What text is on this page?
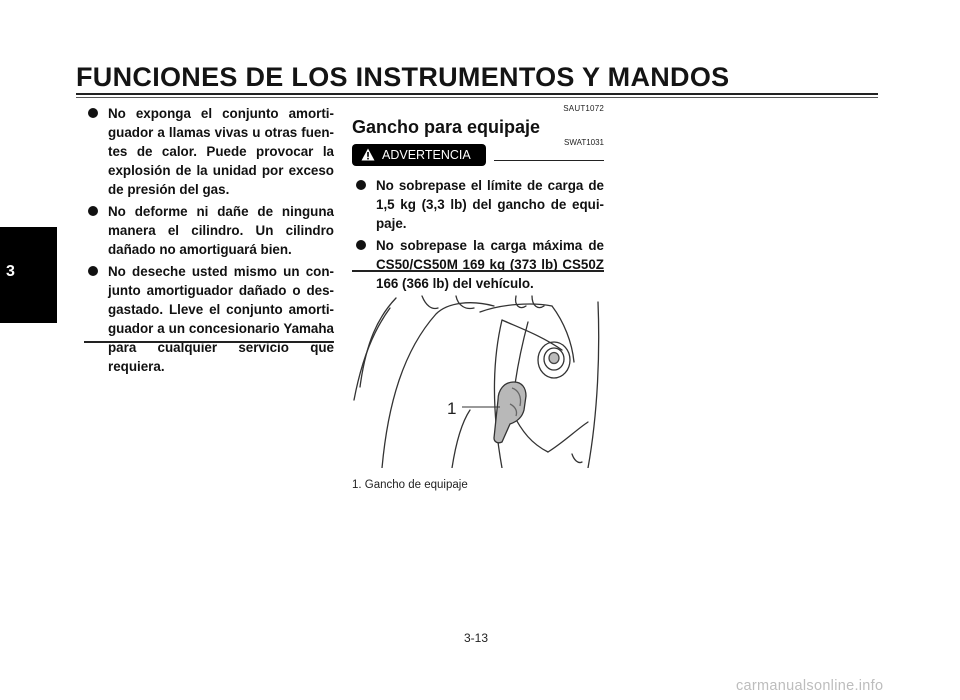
FUNCIONES DE LOS INSTRUMENTOS Y MANDOS
3
No exponga el conjunto amorti-guador a llamas vivas u otras fuen-tes de calor. Puede provocar la explosión de la unidad por exceso de presión del gas.
No deforme ni dañe de ninguna manera el cilindro. Un cilindro dañado no amortiguará bien.
No deseche usted mismo un con-junto amortiguador dañado o des-gastado. Lleve el conjunto amorti-guador a un concesionario Yamaha para cualquier servicio que requiera.
SAUT1072
Gancho para equipaje
SWAT1031
ADVERTENCIA
No sobrepase el límite de carga de 1,5 kg (3,3 lb) del gancho de equi-paje.
No sobrepase la carga máxima de CS50/CS50M 169 kg (373 lb) CS50Z 166 (366 lb) del vehículo.
1
1. Gancho de equipaje
3-13
carmanualsonline.info
